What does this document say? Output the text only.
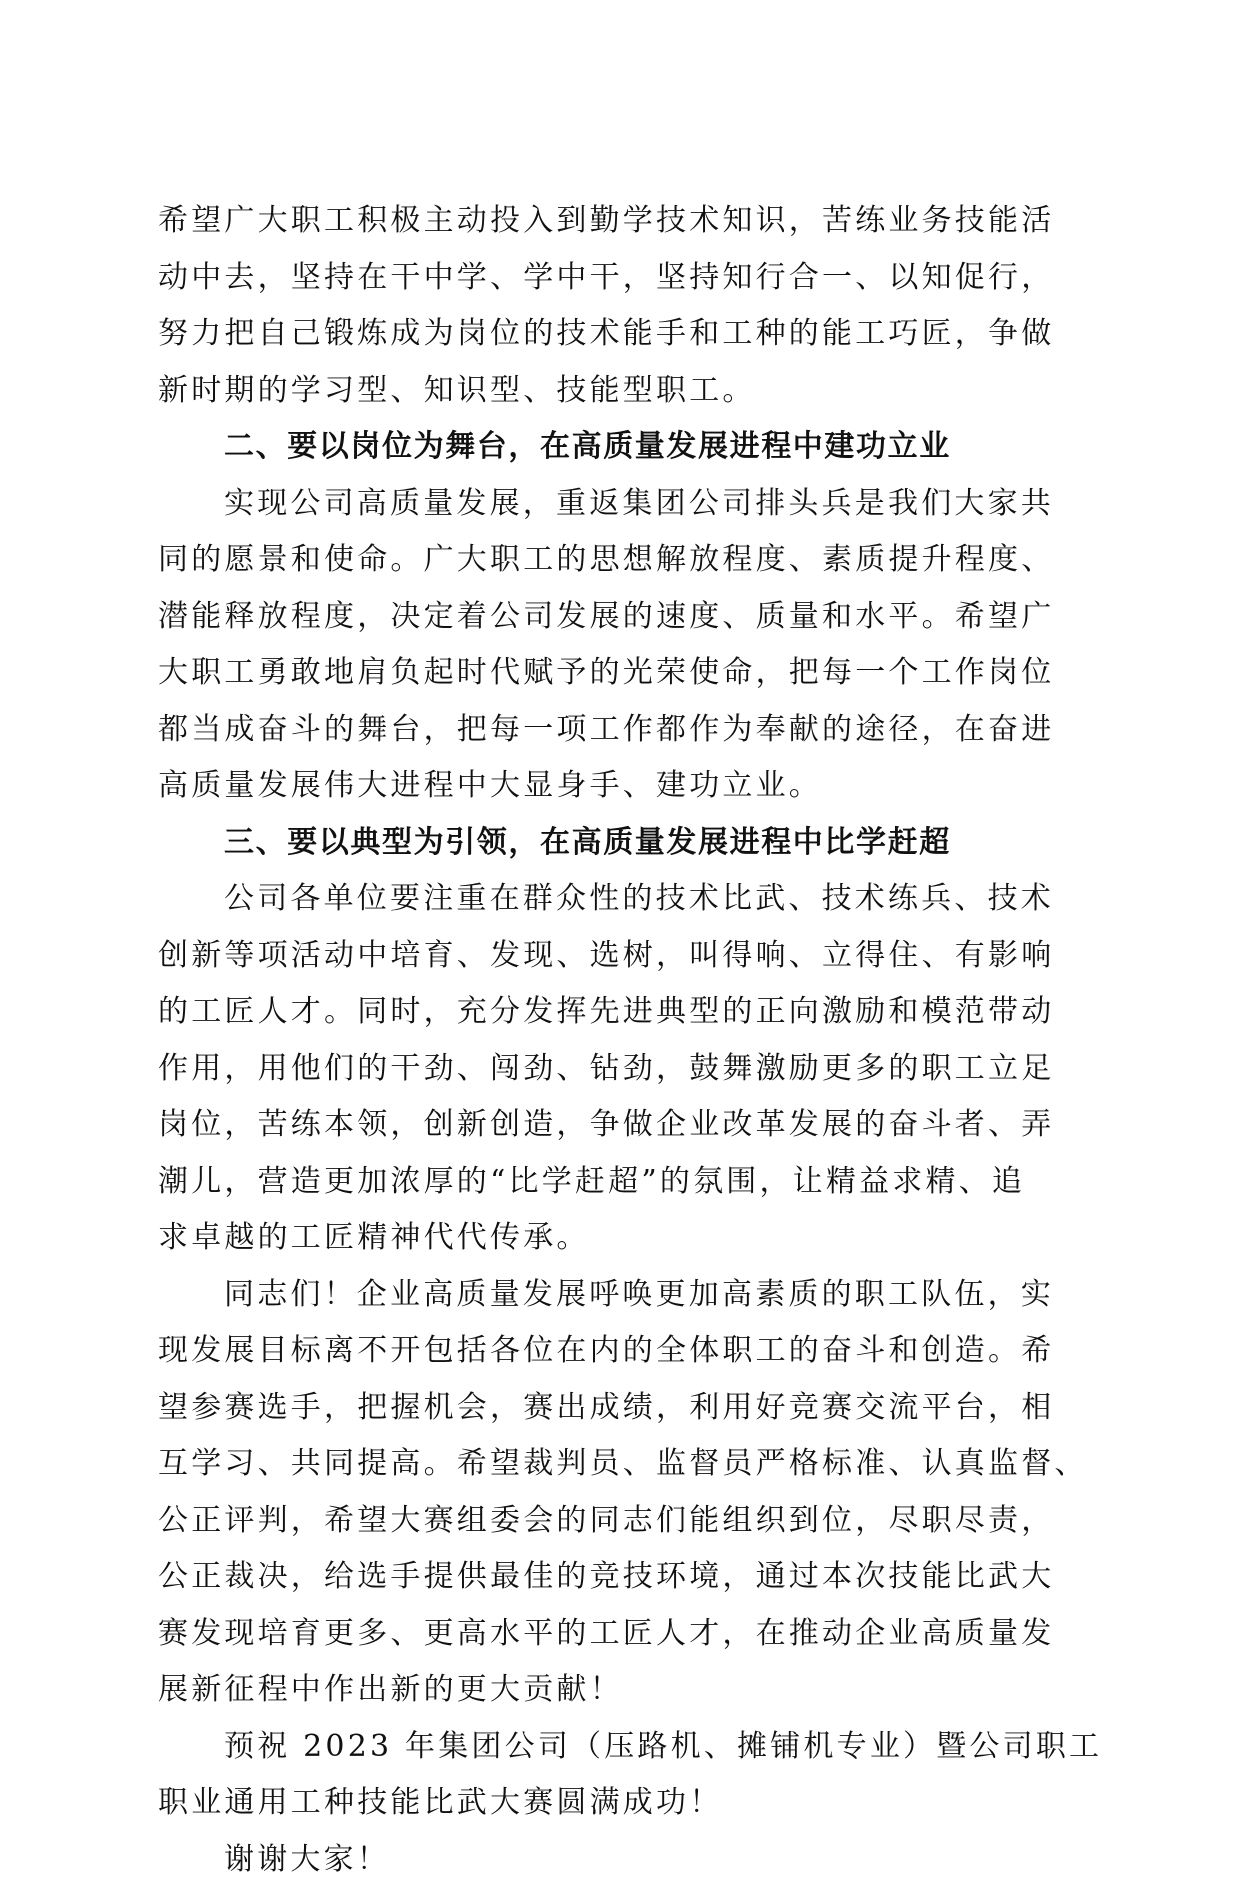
希望广大职工积极主动投入到勤学技术知识，苦练业务技能活
动中去，坚持在干中学、学中干，坚持知行合一、以知促行，
努力把自己锻炼成为岗位的技术能手和工种的能工巧匠，争做
新时期的学习型、知识型、技能型职工。
二、要以岗位为舞台，在高质量发展进程中建功立业
实现公司高质量发展，重返集团公司排头兵是我们大家共
同的愿景和使命。广大职工的思想解放程度、素质提升程度、
潜能释放程度，决定着公司发展的速度、质量和水平。希望广
大职工勇敢地肩负起时代赋予的光荣使命，把每一个工作岗位
都当成奋斗的舞台，把每一项工作都作为奉献的途径，在奋进
高质量发展伟大进程中大显身手、建功立业。
三、要以典型为引领，在高质量发展进程中比学赶超
公司各单位要注重在群众性的技术比武、技术练兵、技术
创新等项活动中培育、发现、选树，叫得响、立得住、有影响
的工匠人才。同时，充分发挥先进典型的正向激励和模范带动
作用，用他们的干劲、闯劲、钻劲，鼓舞激励更多的职工立足
岗位，苦练本领，创新创造，争做企业改革发展的奋斗者、弄
潮儿，营造更加浓厚的“比学赶超”的氛围，让精益求精、追
求卓越的工匠精神代代传承。
同志们！企业高质量发展呼唤更加高素质的职工队伍，实
现发展目标离不开包括各位在内的全体职工的奋斗和创造。希
望参赛选手，把握机会，赛出成绩，利用好竞赛交流平台，相
互学习、共同提高。希望裁判员、监督员严格标准、认真监督、
公正评判，希望大赛组委会的同志们能组织到位，尽职尽责，
公正裁决，给选手提供最佳的竞技环境，通过本次技能比武大
赛发现培育更多、更高水平的工匠人才，在推动企业高质量发
展新征程中作出新的更大贡献！
预祝 2023 年集团公司（压路机、摊铺机专业）暨公司职工
职业通用工种技能比武大赛圆满成功！
谢谢大家！
